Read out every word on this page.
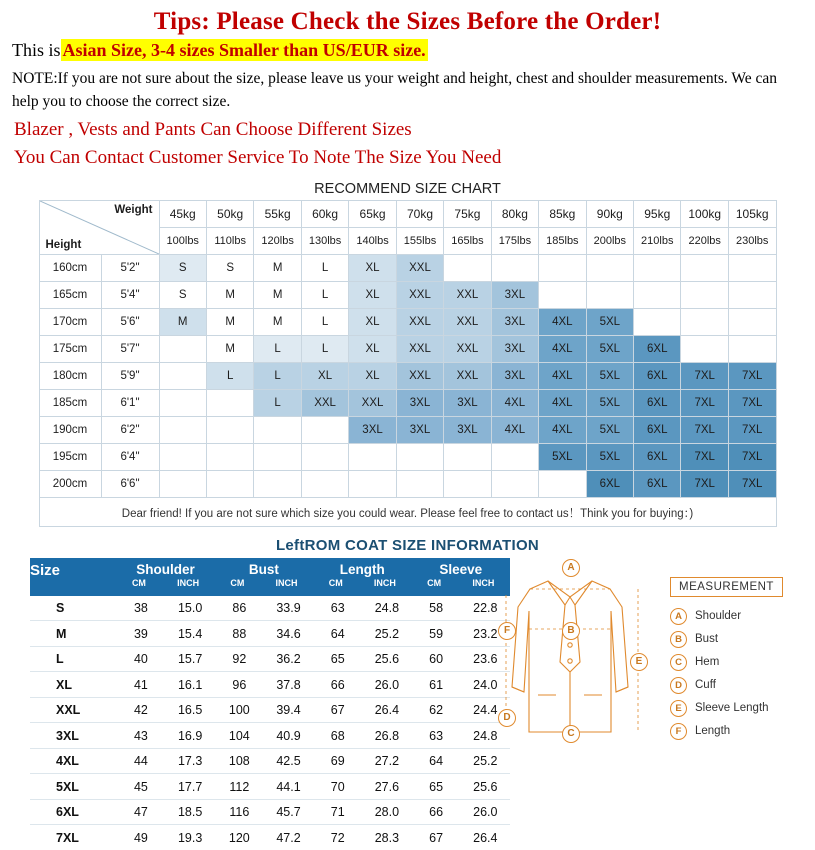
Tips: Please Check the Sizes Before the Order!
This is Asian Size, 3-4 sizes Smaller than US/EUR size.
NOTE:If you are not sure about the size, please leave us your weight and height, chest and shoulder measurements. We can help you to choose the correct size.
Blazer , Vests and Pants Can Choose Different Sizes
You Can Contact Customer Service To Note The Size You Need
RECOMMEND SIZE CHART
Weight
Height		45kg	50kg	55kg	60kg	65kg	70kg	75kg	80kg	85kg	90kg	95kg	100kg	105kg
		100lbs	110lbs	120lbs	130lbs	140lbs	155lbs	165lbs	175lbs	185lbs	200lbs	210lbs	220lbs	230lbs
160cm	5'2"	S	S	M	L	XL	XXL							
165cm	5'4"	S	M	M	L	XL	XXL	XXL	3XL					
170cm	5'6"	M	M	M	L	XL	XXL	XXL	3XL	4XL	5XL			
175cm	5'7"		M	L	L	XL	XXL	XXL	3XL	4XL	5XL	6XL		
180cm	5'9"		L	L	XL	XL	XXL	XXL	3XL	4XL	5XL	6XL	7XL	7XL
185cm	6'1"			L	XXL	XXL	3XL	3XL	4XL	4XL	5XL	6XL	7XL	7XL
190cm	6'2"					3XL	3XL	3XL	4XL	4XL	5XL	6XL	7XL	7XL
195cm	6'4"									5XL	5XL	6XL	7XL	7XL
200cm	6'6"										6XL	6XL	7XL	7XL
Dear friend! If you are not sure which size you could wear. Please feel free to contact us！Think you for buying：)
LeftROM COAT SIZE INFORMATION
Size	Shoulder
CM INCH		Bust
CM INCH		Length
CM INCH		Sleeve
CM INCH	

S	38	15.0	86	33.9	63	24.8	58	22.8
M	39	15.4	88	34.6	64	25.2	59	23.2
L	40	15.7	92	36.2	65	25.6	60	23.6
XL	41	16.1	96	37.8	66	26.0	61	24.0
XXL	42	16.5	100	39.4	67	26.4	62	24.4
3XL	43	16.9	104	40.9	68	26.8	63	24.8
4XL	44	17.3	108	42.5	69	27.2	64	25.2
5XL	45	17.7	112	44.1	70	27.6	65	25.6
6XL	47	18.5	116	45.7	71	28.0	66	26.0
7XL	49	19.3	120	47.2	72	28.3	67	26.4
A
B
C
D
E
F
MEASUREMENT
A	Shoulder
B	Bust
C	Hem
D	Cuff
E	Sleeve Length
F	Length
